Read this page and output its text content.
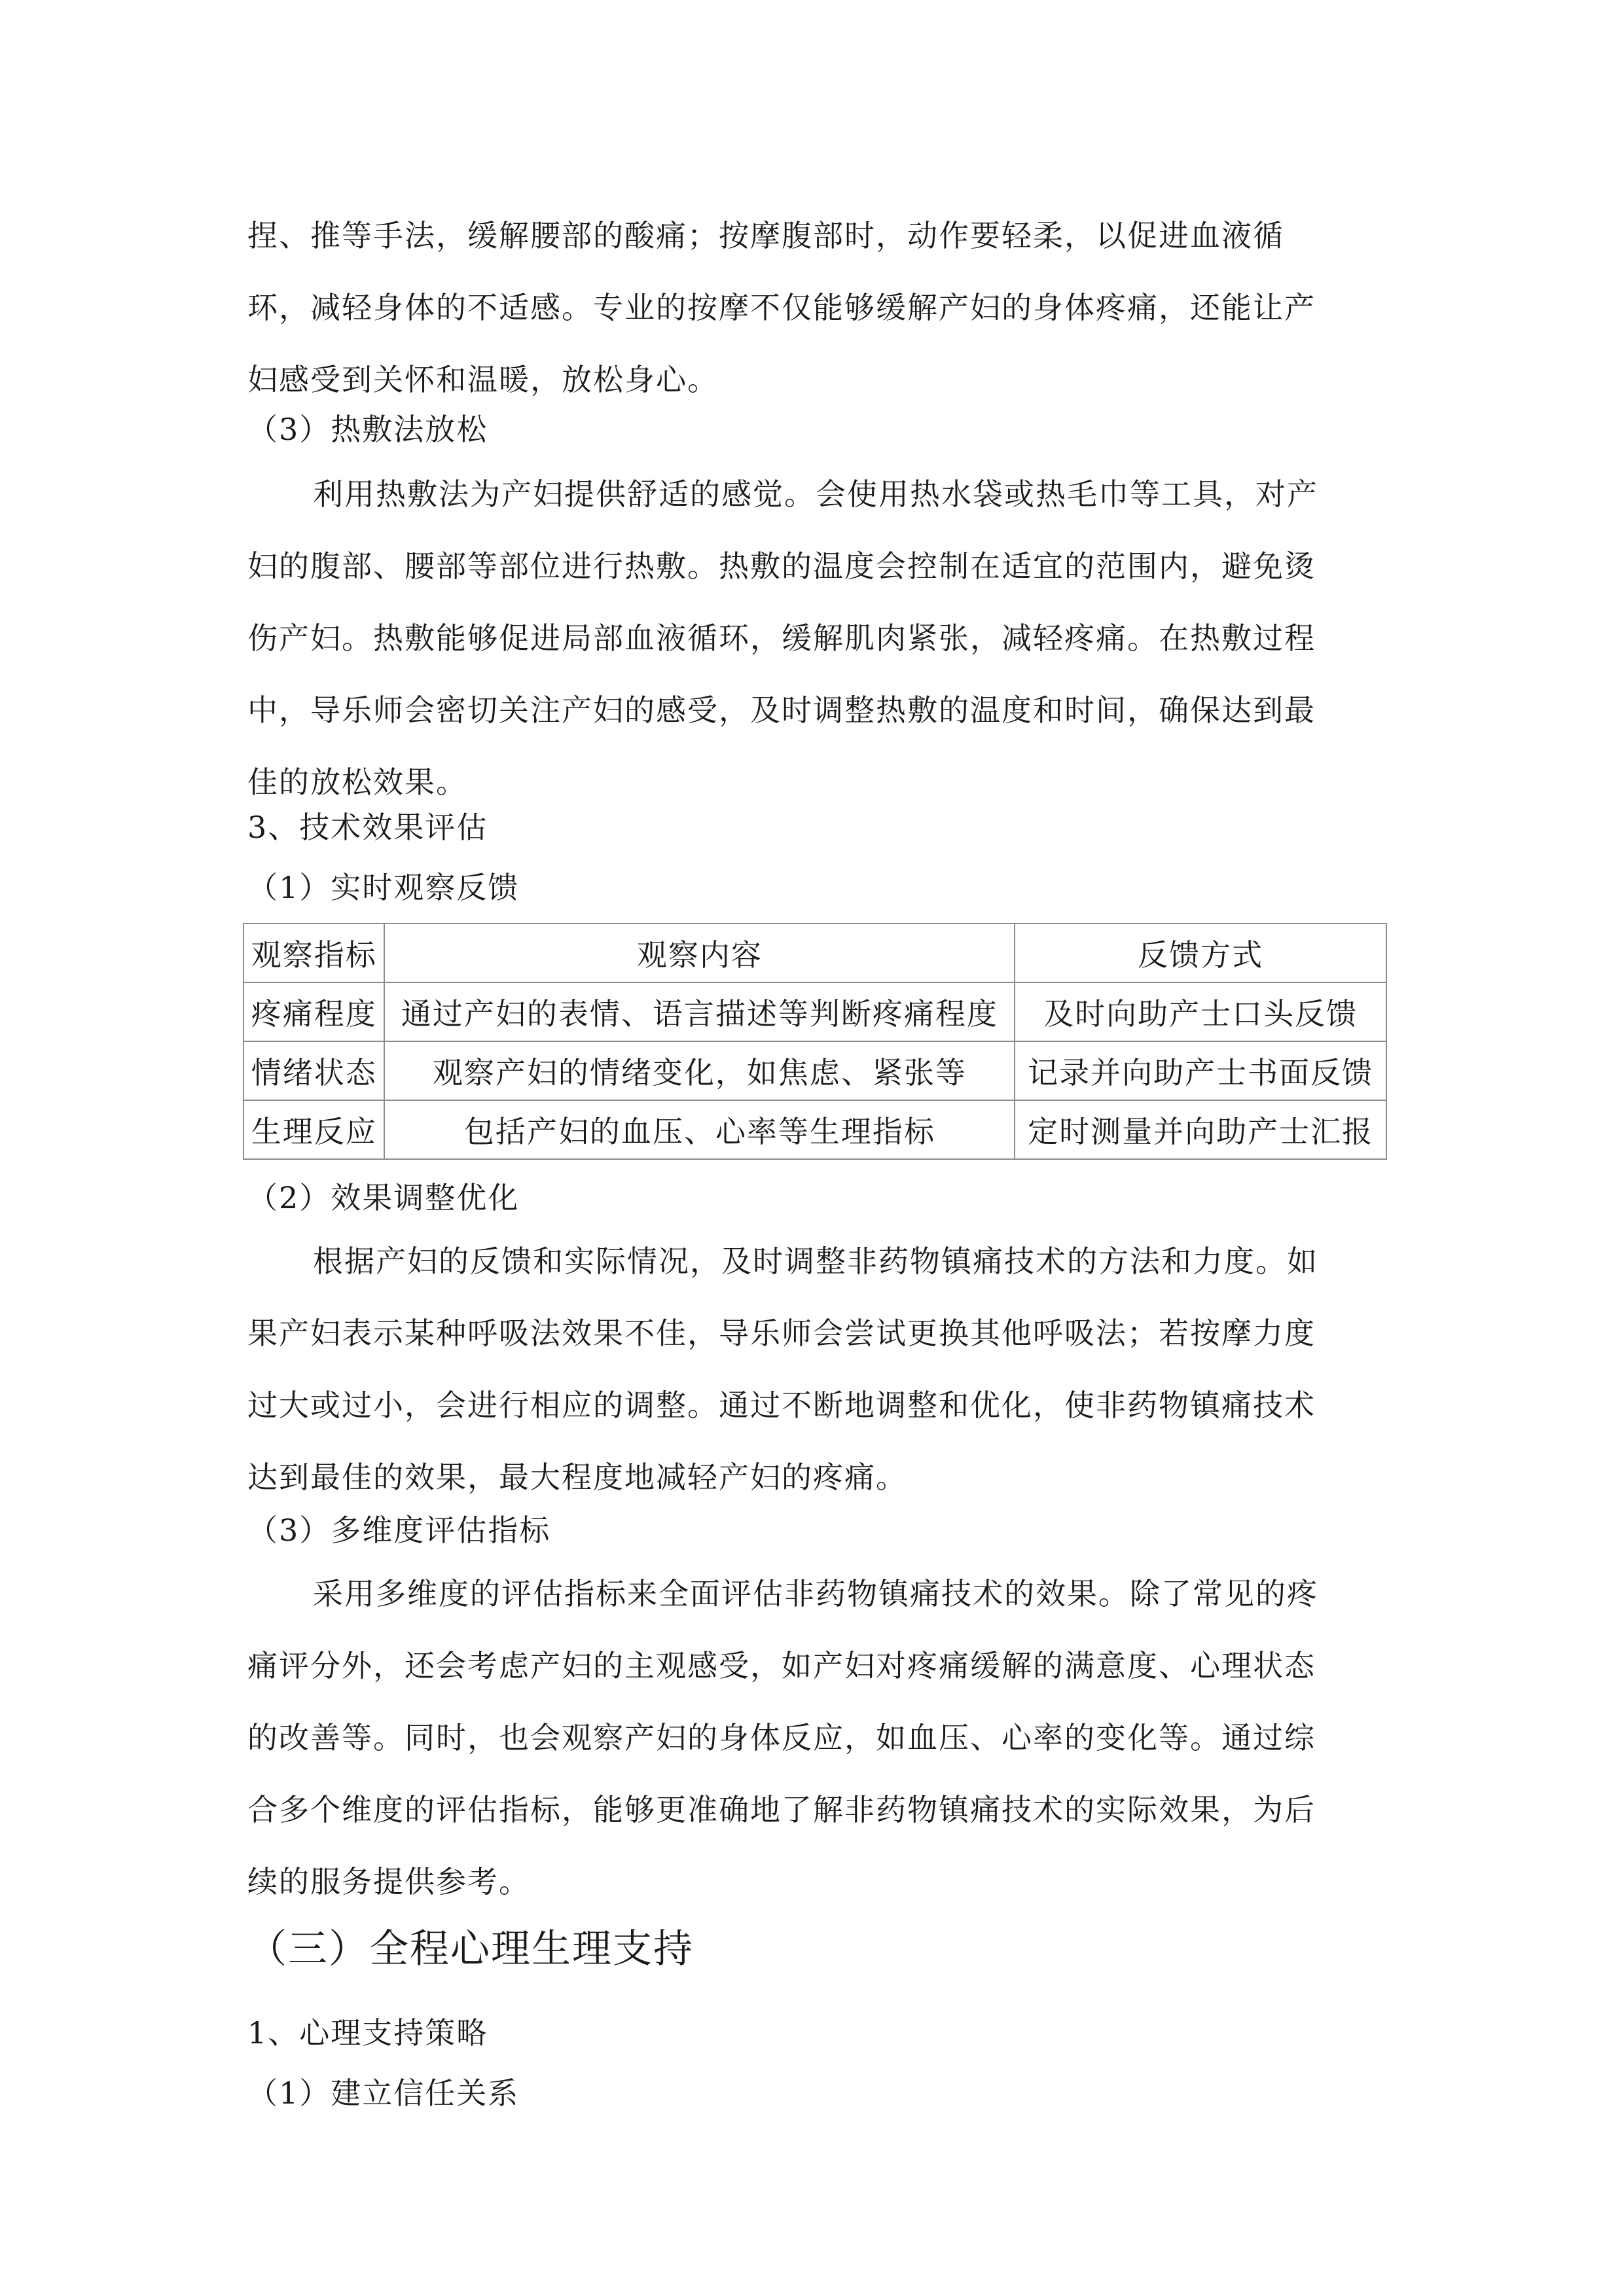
捏、推等手法，缓解腰部的酸痛；按摩腹部时，动作要轻柔，以促进血液循
环，减轻身体的不适感。专业的按摩不仅能够缓解产妇的身体疼痛，还能让产
妇感受到关怀和温暖，放松身心。
（3）热敷法放松
利用热敷法为产妇提供舒适的感觉。会使用热水袋或热毛巾等工具，对产
妇的腹部、腰部等部位进行热敷。热敷的温度会控制在适宜的范围内，避免烫
伤产妇。热敷能够促进局部血液循环，缓解肌肉紧张，减轻疼痛。在热敷过程
中，导乐师会密切关注产妇的感受，及时调整热敷的温度和时间，确保达到最
佳的放松效果。
3、技术效果评估
（1）实时观察反馈
观察指标	观察内容	反馈方式
疼痛程度	通过产妇的表情、语言描述等判断疼痛程度	及时向助产士口头反馈
情绪状态	观察产妇的情绪变化，如焦虑、紧张等	记录并向助产士书面反馈
生理反应	包括产妇的血压、心率等生理指标	定时测量并向助产士汇报
（2）效果调整优化
根据产妇的反馈和实际情况，及时调整非药物镇痛技术的方法和力度。如
果产妇表示某种呼吸法效果不佳，导乐师会尝试更换其他呼吸法；若按摩力度
过大或过小，会进行相应的调整。通过不断地调整和优化，使非药物镇痛技术
达到最佳的效果，最大程度地减轻产妇的疼痛。
（3）多维度评估指标
采用多维度的评估指标来全面评估非药物镇痛技术的效果。除了常见的疼
痛评分外，还会考虑产妇的主观感受，如产妇对疼痛缓解的满意度、心理状态
的改善等。同时，也会观察产妇的身体反应，如血压、心率的变化等。通过综
合多个维度的评估指标，能够更准确地了解非药物镇痛技术的实际效果，为后
续的服务提供参考。
（三）全程心理生理支持
1、心理支持策略
（1）建立信任关系
